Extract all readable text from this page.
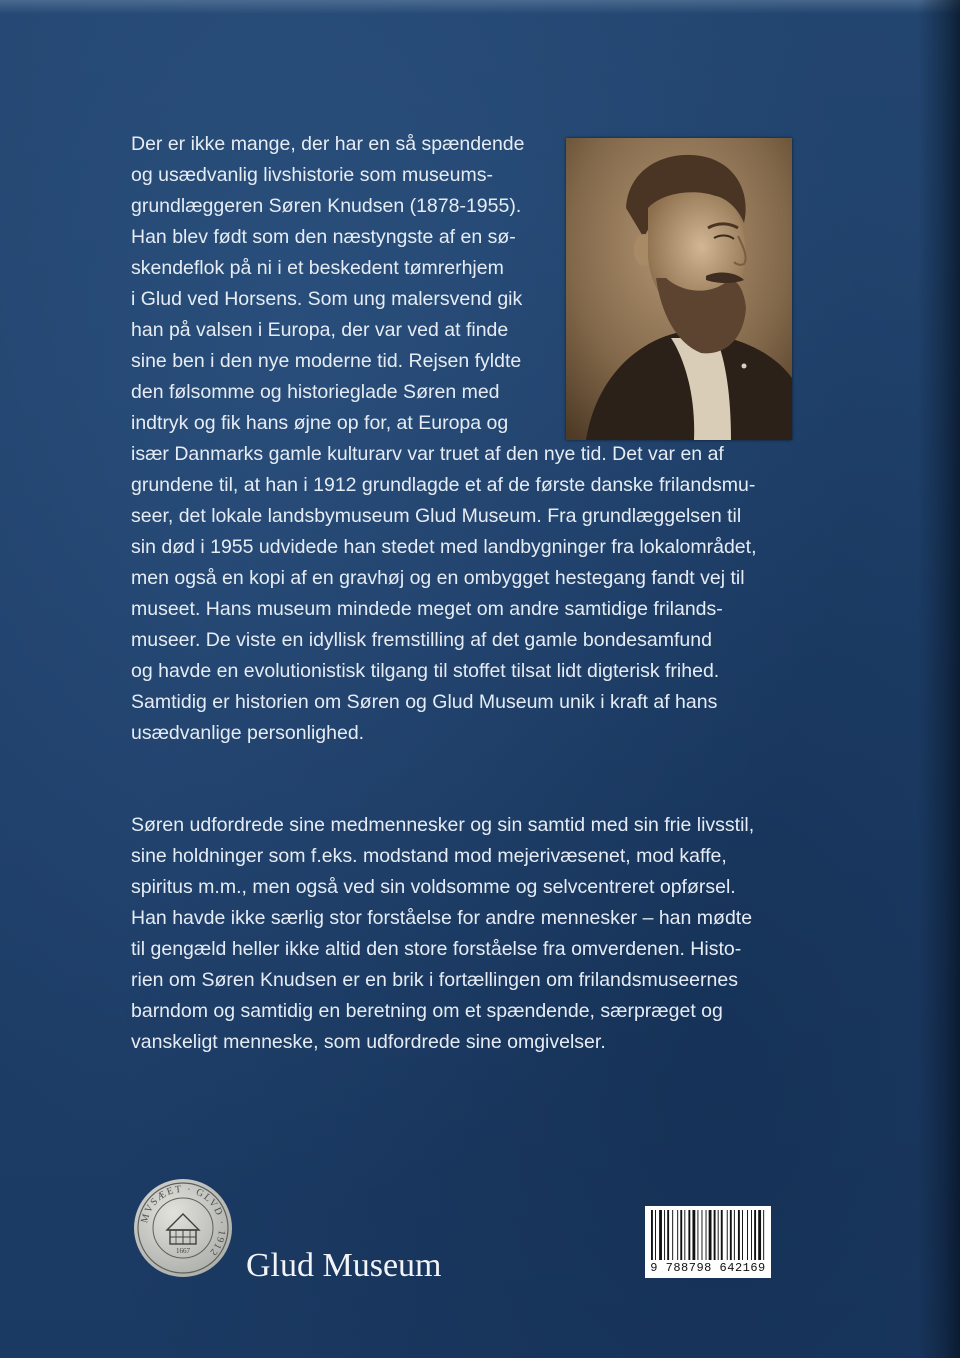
Der er ikke mange, der har en så spændende
og usædvanlig livshistorie som museums-
grundlæggeren Søren Knudsen (1878-1955).
Han blev født som den næstyngste af en sø-
skendeflok på ni i et beskedent tømrerhjem
i Glud ved Horsens. Som ung malersvend gik
han på valsen i Europa, der var ved at finde
sine ben i den nye moderne tid. Rejsen fyldte
den følsomme og historieglade Søren med
indtryk og fik hans øjne op for, at Europa og
især Danmarks gamle kulturarv var truet af den nye tid. Det var en af
grundene til, at han i 1912 grundlagde et af de første danske frilandsmu-
seer, det lokale landsbymuseum Glud Museum. Fra grundlæggelsen til
sin død i 1955 udvidede han stedet med landbygninger fra lokalområdet,
men også en kopi af en gravhøj og en ombygget hestegang fandt vej til
museet. Hans museum mindede meget om andre samtidige frilands-
museer. De viste en idyllisk fremstilling af det gamle bondesamfund
og havde en evolutionistisk tilgang til stoffet tilsat lidt digterisk frihed.
Samtidig er historien om Søren og Glud Museum unik i kraft af hans
usædvanlige personlighed.
Søren udfordrede sine medmennesker og sin samtid med sin frie livsstil,
sine holdninger som f.eks. modstand mod mejerivæsenet, mod kaffe,
spiritus m.m., men også ved sin voldsomme og selvcentreret opførsel.
Han havde ikke særlig stor forståelse for andre mennesker – han mødte
til gengæld heller ikke altid den store forståelse fra omverdenen. Histo-
rien om Søren Knudsen er en brik i fortællingen om frilandsmuseernes
barndom og samtidig en beretning om et spændende, særpræget og
vanskeligt menneske, som udfordrede sine omgivelser.
MVSÆET · GLVD · 1912
1667 Glud Museum	9 788798 642169
